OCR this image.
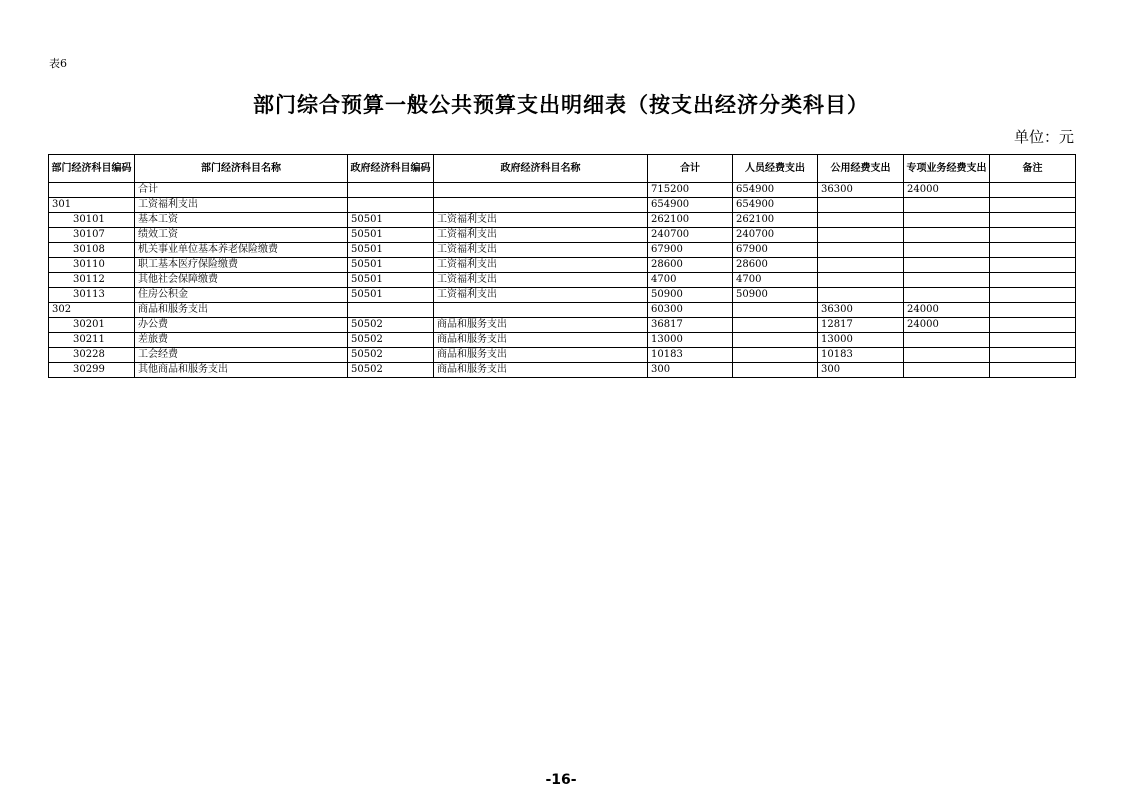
表6
部门综合预算一般公共预算支出明细表（按支出经济分类科目）
单位：元
部门经济科目编码	部门经济科目名称	政府经济科目编码	政府经济科目名称	合计	人员经费支出	公用经费支出	专项业务经费支出	备注
	合计			715200	654900	36300	24000	
301	工资福利支出			654900	654900			
30101	基本工资	50501	工资福利支出	262100	262100			
30107	绩效工资	50501	工资福利支出	240700	240700			
30108	机关事业单位基本养老保险缴费	50501	工资福利支出	67900	67900			
30110	职工基本医疗保险缴费	50501	工资福利支出	28600	28600			
30112	其他社会保障缴费	50501	工资福利支出	4700	4700			
30113	住房公积金	50501	工资福利支出	50900	50900			
302	商品和服务支出			60300		36300	24000	
30201	办公费	50502	商品和服务支出	36817		12817	24000	
30211	差旅费	50502	商品和服务支出	13000		13000		
30228	工会经费	50502	商品和服务支出	10183		10183		
30299	其他商品和服务支出	50502	商品和服务支出	300		300		
-16-
